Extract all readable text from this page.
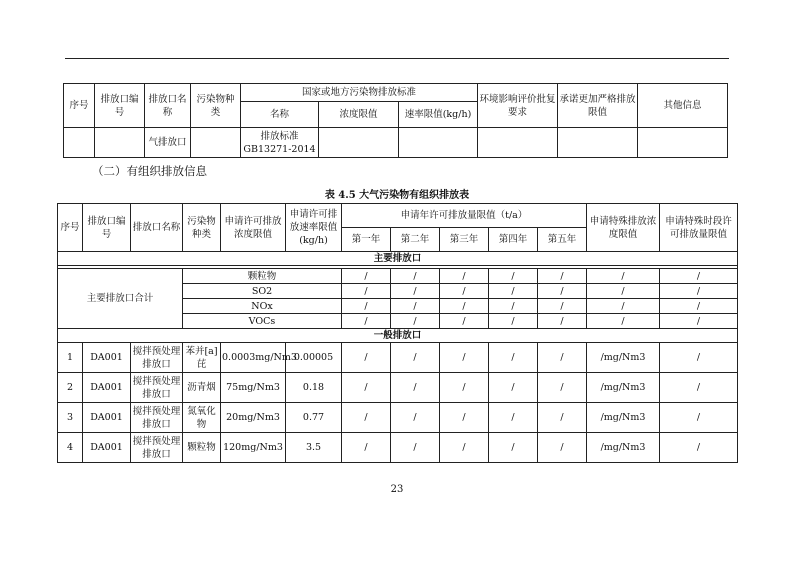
序号	排放口编号	排放口名称	污染物种类	国家或地方污染物排放标准			环境影响评价批复要求	承诺更加严格排放限值	其他信息
				名称	浓度限值	速率限值(kg/h)			
		气排放口		排放标准GB13271-2014					
（二）有组织排放信息
表 4.5 大气污染物有组织排放表
序号	排放口编号	排放口名称	污染物种类	申请许可排放浓度限值	申请许可排放速率限值(kg/h)	申请年许可排放量限值（t/a）					申请特殊排放浓度限值	申请特殊时段许可排放量限值
						第一年	第二年	第三年	第四年	第五年		
主要排放口												

主要排放口合计			颗粒物			/	/	/	/	/	/	/
			SO2			/	/	/	/	/	/	/
			NOx			/	/	/	/	/	/	/
			VOCs			/	/	/	/	/	/	/
一般排放口												
1	DA001	搅拌预处理排放口	苯并[a]芘	0.0003mg/Nm3	0.00005	/	/	/	/	/	/mg/Nm3	/
2	DA001	搅拌预处理排放口	沥青烟	75mg/Nm3	0.18	/	/	/	/	/	/mg/Nm3	/
3	DA001	搅拌预处理排放口	氮氧化物	20mg/Nm3	0.77	/	/	/	/	/	/mg/Nm3	/
4	DA001	搅拌预处理排放口	颗粒物	120mg/Nm3	3.5	/	/	/	/	/	/mg/Nm3	/
23
